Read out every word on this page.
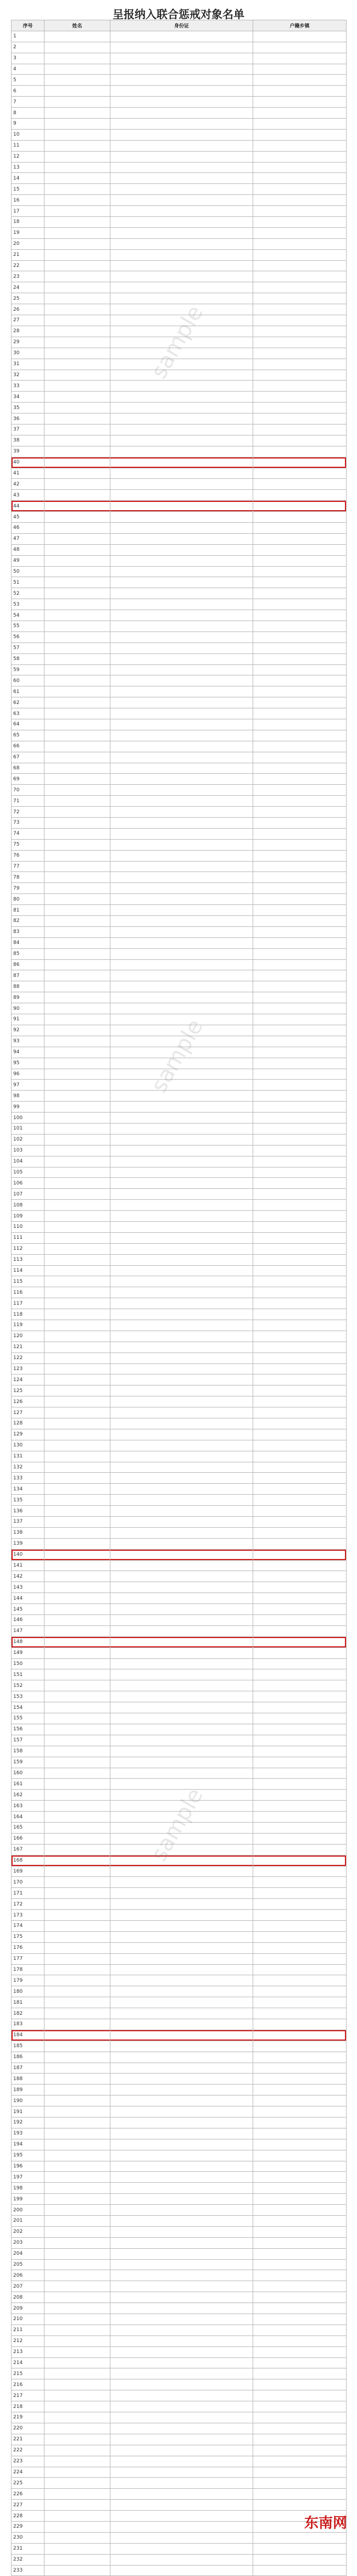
呈报纳入联合惩戒对象名单
序号	姓名	身份证	户籍乡镇
1			
2			
3			
4			
5			
6			
7			
8			
9			
10			
11			
12			
13			
14			
15			
16			
17			
18			
19			
20			
21			
22			
23			
24			
25			
26			
27			
28			
29			
30			
31			
32			
33			
34			
35			
36			
37			
38			
39			
40			
41			
42			
43			
44			
45			
46			
47			
48			
49			
50			
51			
52			
53			
54			
55			
56			
57			
58			
59			
60			
61			
62			
63			
64			
65			
66			
67			
68			
69			
70			
71			
72			
73			
74			
75			
76			
77			
78			
79			
80			
81			
82			
83			
84			
85			
86			
87			
88			
89			
90			
91			
92			
93			
94			
95			
96			
97			
98			
99			
100			
101			
102			
103			
104			
105			
106			
107			
108			
109			
110			
111			
112			
113			
114			
115			
116			
117			
118			
119			
120			
121			
122			
123			
124			
125			
126			
127			
128			
129			
130			
131			
132			
133			
134			
135			
136			
137			
138			
139			
140			
141			
142			
143			
144			
145			
146			
147			
148			
149			
150			
151			
152			
153			
154			
155			
156			
157			
158			
159			
160			
161			
162			
163			
164			
165			
166			
167			
168			
169			
170			
171			
172			
173			
174			
175			
176			
177			
178			
179			
180			
181			
182			
183			
184			
185			
186			
187			
188			
189			
190			
191			
192			
193			
194			
195			
196			
197			
198			
199			
200			
201			
202			
203			
204			
205			
206			
207			
208			
209			
210			
211			
212			
213			
214			
215			
216			
217			
218			
219			
220			
221			
222			
223			
224			
225			
226			
227			
228			
229			
230			
231			
232			
233			
东南网
sample
sample
sample
